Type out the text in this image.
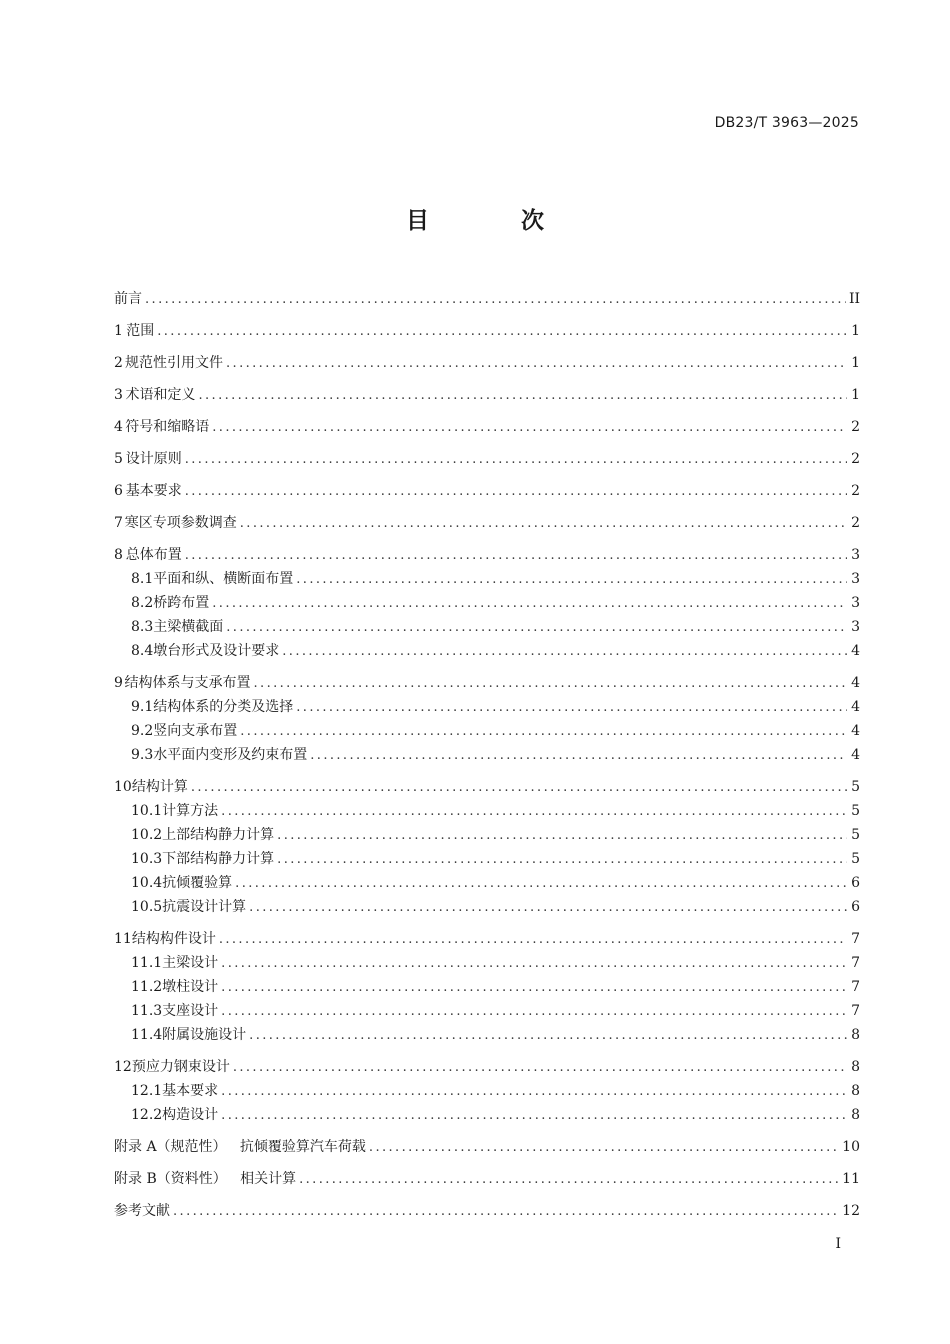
DB23/T 3963—2025
目 次
前言 .....	II
1 范围 .....	1
2 规范性引用文件 .....	1
3 术语和定义 .....	1
4 符号和缩略语 .....	2
5 设计原则 .....	2
6 基本要求 .....	2
7 寒区专项参数调查 .....	2
8 总体布置 .....	3
8.1 平面和纵、横断面布置 .....	3
8.2 桥跨布置 .....	3
8.3 主梁横截面 .....	3
8.4 墩台形式及设计要求 .....	4
9 结构体系与支承布置 .....	4
9.1 结构体系的分类及选择 .....	4
9.2 竖向支承布置 .....	4
9.3 水平面内变形及约束布置 .....	4
10 结构计算 .....	5
10.1 计算方法 .....	5
10.2 上部结构静力计算 .....	5
10.3 下部结构静力计算 .....	5
10.4 抗倾覆验算 .....	6
10.5 抗震设计计算 .....	6
11 结构构件设计 .....	7
11.1 主梁设计 .....	7
11.2 墩柱设计 .....	7
11.3 支座设计 .....	7
11.4 附属设施设计 .....	8
12 预应力钢束设计 .....	8
12.1 基本要求 .....	8
12.2 构造设计 .....	8
附录 A（规范性）   抗倾覆验算汽车荷载 .....	10
附录 B（资料性）   相关计算 .....	11
参考文献 .....	12
I
